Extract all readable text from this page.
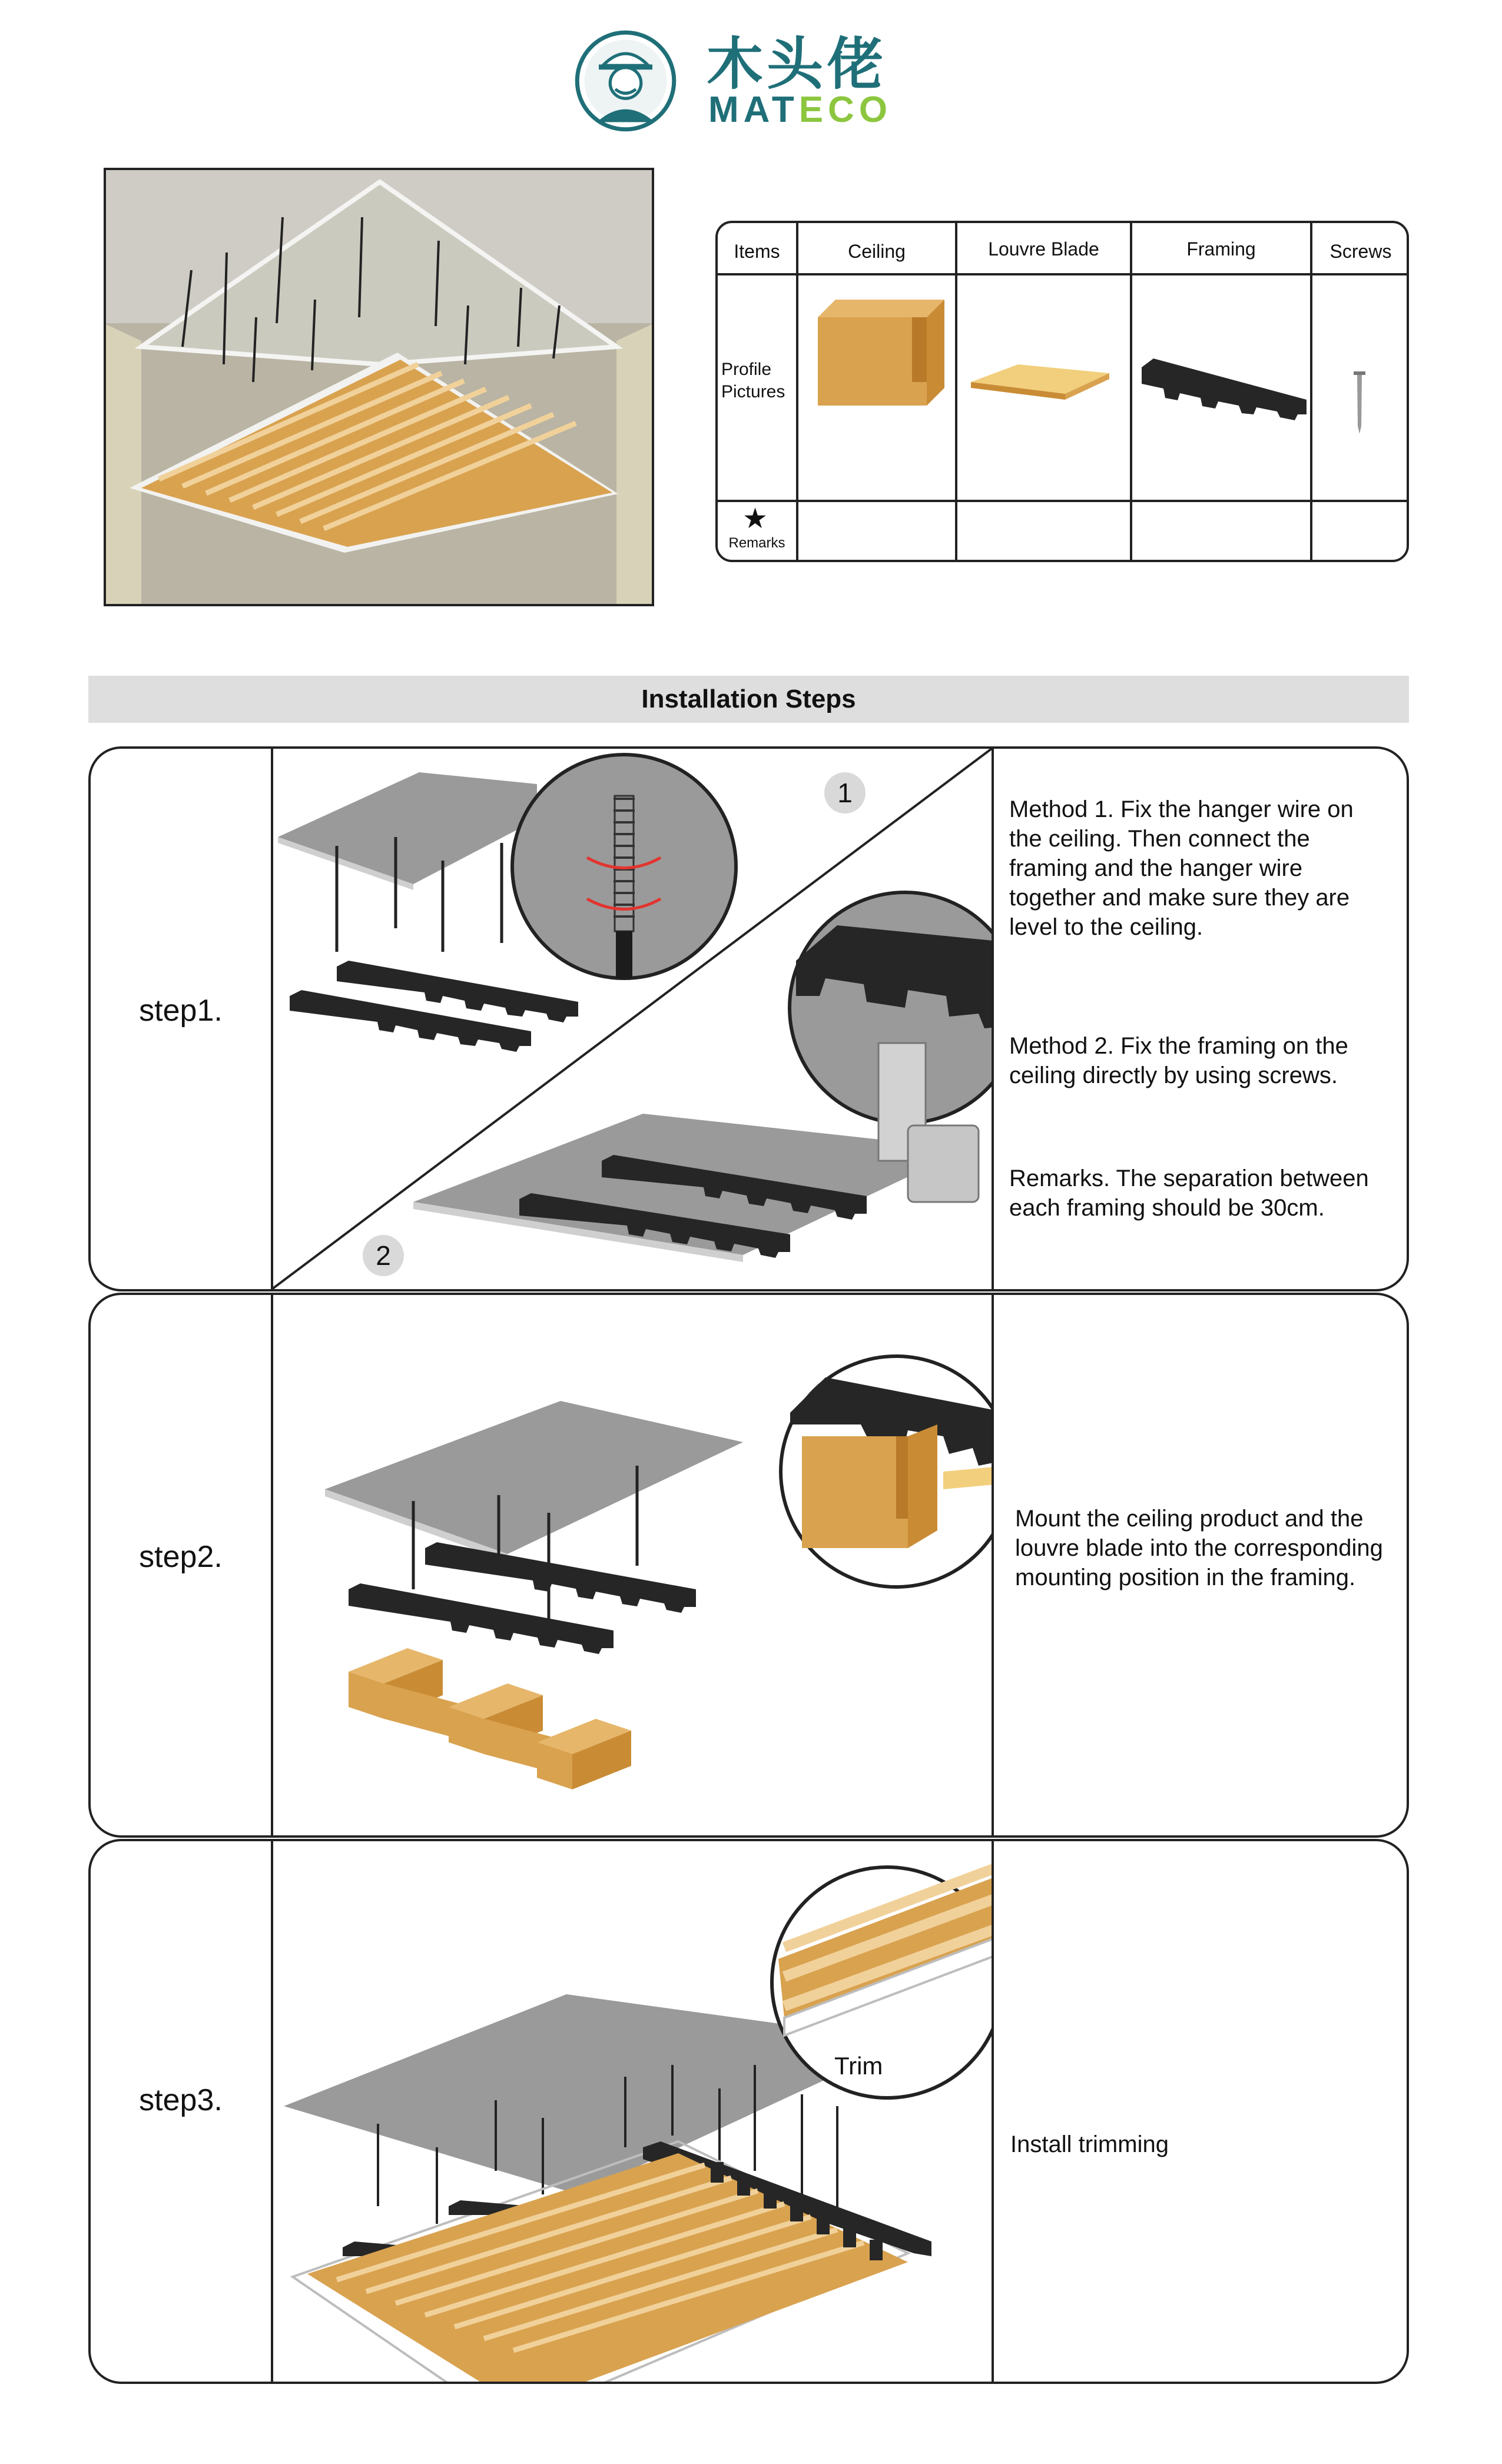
木头佬
MATECO
Items	Ceiling	Louvre Blade	Framing	Screws
Profile Pictures
★
Remarks
Installation Steps
step1.
1
2
Method 1. Fix the hanger wire on the ceiling. Then connect the framing and the hanger wire together and make sure they are level to the ceiling.
Method 2. Fix the framing on the ceiling directly by using screws.
Remarks. The separation between each framing should be 30cm.
step2.
Mount the ceiling product and the louvre blade into the corresponding mounting position in the framing.
step3.
Trim
Install trimming
